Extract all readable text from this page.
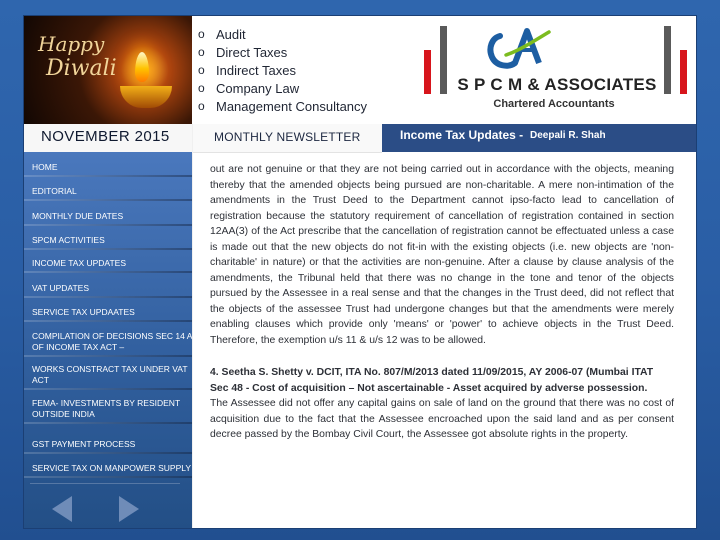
Happy
Diwali
o Audit
o Direct Taxes
o Indirect Taxes
o Company Law
o Management Consultancy
S P C M & ASSOCIATES
Chartered Accountants
NOVEMBER 2015	MONTHLY NEWSLETTER	Income Tax Updates - Deepali R. Shah
HOME
EDITORIAL
MONTHLY DUE DATES
SPCM ACTIVITIES
INCOME TAX UPDATES
VAT UPDATES
SERVICE TAX UPDAATES
COMPILATION OF DECISIONS SEC 14 A OF INCOME TAX ACT –
WORKS CONSTRACT TAX UNDER VAT ACT
FEMA- INVESTMENTS BY RESIDENT OUTSIDE INDIA
GST PAYMENT PROCESS
SERVICE TAX ON MANPOWER SUPPLY

out are not genuine or that they are not being carried out in accordance with the objects, meaning thereby that the amended objects being pursued are non-charitable. A mere non-intimation of the amendments in the Trust Deed to the Department cannot ipso-facto lead to cancellation of registration because the statutory requirement of cancellation of registration contained in section 12AA(3) of the Act prescribe that the cancellation of registration cannot be effectuated unless a case is made out that the new objects do not fit-in with the existing objects (i.e. new objects are 'non-charitable' in nature) or that the activities are non-genuine. After a clause by clause analysis of the amendments, the Tribunal held that there was no change in the tone and tenor of the objects pursued by the Assessee in a real sense and that the changes in the Trust deed, did not reflect that the objects of the assessee Trust had undergone changes but that the amendments were merely enabling clauses which provide only 'means' or 'power' to achieve objects in the Trust Deed. Therefore, the exemption u/s 11 & u/s 12 was to be allowed.

4. Seetha S. Shetty v. DCIT, ITA No. 807/M/2013 dated 11/09/2015, AY 2006-07 (Mumbai ITAT

Sec 48 - Cost of acquisition – Not ascertainable - Asset acquired by adverse possession.

The Assessee did not offer any capital gains on sale of land on the ground that there was no cost of acquisition due to the fact that the Assessee encroached upon the said land and as per consent decree passed by the Bombay Civil Court, the Assessee got absolute rights in the property.
